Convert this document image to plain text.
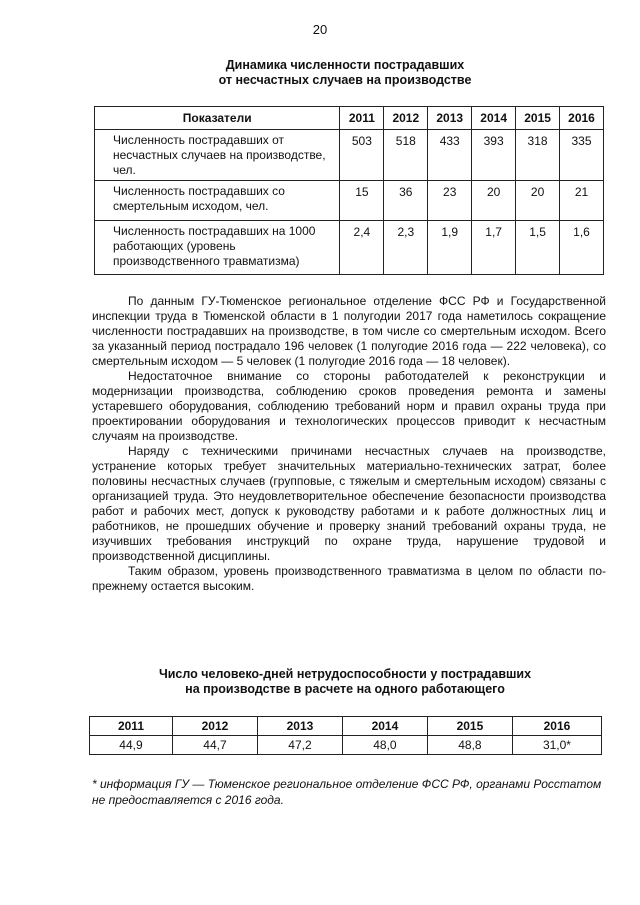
20
Динамика численности пострадавших
от несчастных случаев на производстве
Показатели	2011	2012	2013	2014	2015	2016
Численность пострадавших от несчастных случаев на производстве, чел.	503	518	433	393	318	335
Численность пострадавших со смертельным исходом, чел.	15	36	23	20	20	21
Численность пострадавших на 1000 работающих (уровень производственного травматизма)	2,4	2,3	1,9	1,7	1,5	1,6

По данным ГУ-Тюменское региональное отделение ФСС РФ и Государственной инспекции труда в Тюменской области в 1 полугодии 2017 года наметилось сокращение численности пострадавших на производстве, в том числе со смертельным исходом. Всего за указанный период пострадало 196 человек (1 полугодие 2016 года — 222 человека), со смертельным исходом — 5 человек (1 полугодие 2016 года — 18 человек).

Недостаточное внимание со стороны работодателей к реконструкции и модернизации производства, соблюдению сроков проведения ремонта и замены устаревшего оборудования, соблюдению требований норм и правил охраны труда при проектировании оборудования и технологических процессов приводит к несчастным случаям на производстве.

Наряду с техническими причинами несчастных случаев на производстве, устранение которых требует значительных материально-технических затрат, более половины несчастных случаев (групповые, с тяжелым и смертельным исходом) связаны с организацией труда. Это неудовлетворительное обеспечение безопасности производства работ и рабочих мест, допуск к руководству работами и к работе должностных лиц и работников, не прошедших обучение и проверку знаний требований охраны труда, не изучивших требования инструкций по охране труда, нарушение трудовой и производственной дисциплины.

Таким образом, уровень производственного травматизма в целом по области по-прежнему остается высоким.

Число человеко-дней нетрудоспособности у пострадавших
на производстве в расчете на одного работающего
2011	2012	2013	2014	2015	2016
44,9	44,7	47,2	48,0	48,8	31,0*
* информация ГУ — Тюменское региональное отделение ФСС РФ, органами Росстатом не предоставляется с 2016 года.
